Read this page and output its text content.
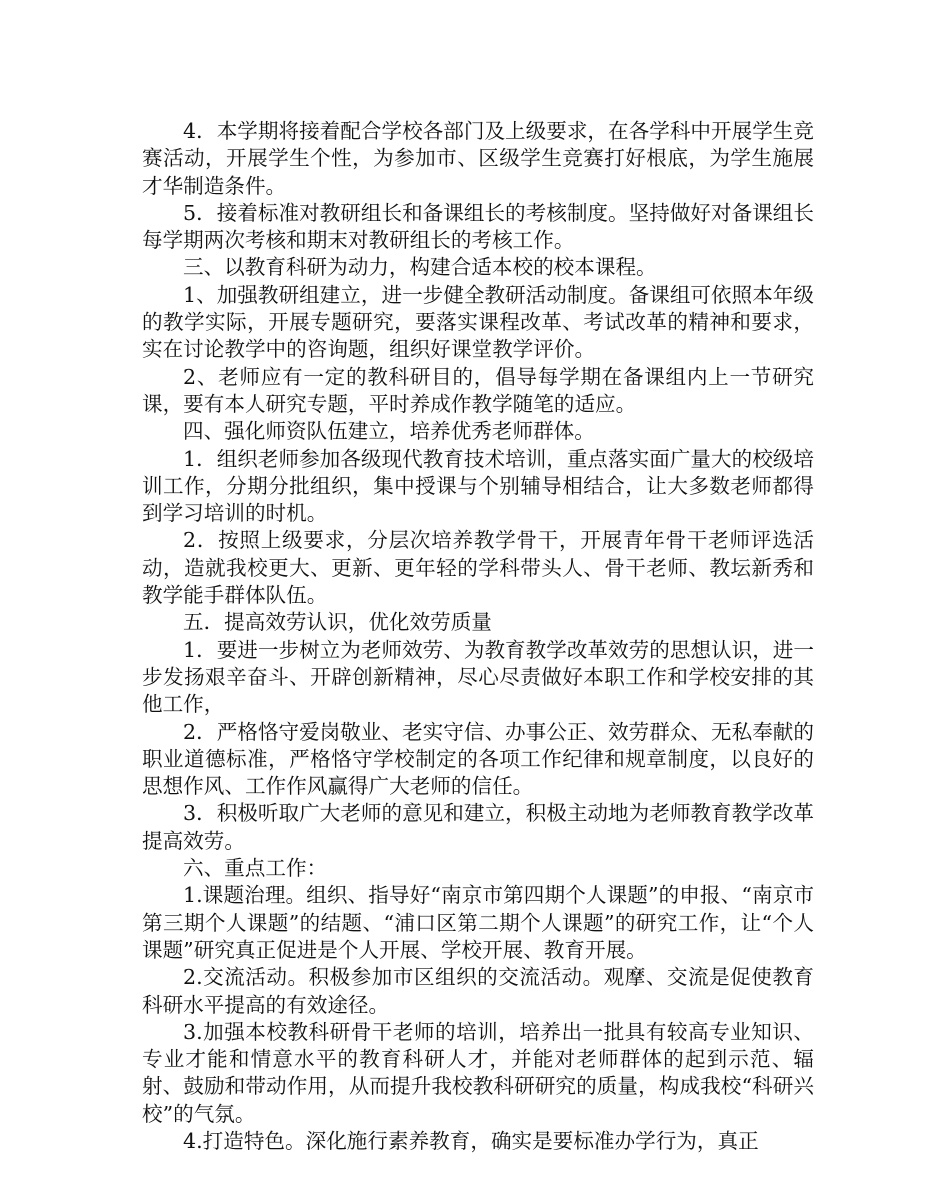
4．本学期将接着配合学校各部门及上级要求，在各学科中开展学生竞赛活动，开展学生个性，为参加市、区级学生竞赛打好根底，为学生施展才华制造条件。

5．接着标准对教研组长和备课组长的考核制度。坚持做好对备课组长每学期两次考核和期末对教研组长的考核工作。

三、以教育科研为动力，构建合适本校的校本课程。

1、加强教研组建立，进一步健全教研活动制度。备课组可依照本年级的教学实际，开展专题研究，要落实课程改革、考试改革的精神和要求，实在讨论教学中的咨询题，组织好课堂教学评价。

2、老师应有一定的教科研目的，倡导每学期在备课组内上一节研究课，要有本人研究专题，平时养成作教学随笔的适应。

四、强化师资队伍建立，培养优秀老师群体。

1．组织老师参加各级现代教育技术培训，重点落实面广量大的校级培训工作，分期分批组织，集中授课与个别辅导相结合，让大多数老师都得到学习培训的时机。

2．按照上级要求，分层次培养教学骨干，开展青年骨干老师评选活动，造就我校更大、更新、更年轻的学科带头人、骨干老师、教坛新秀和教学能手群体队伍。

五．提高效劳认识，优化效劳质量

1．要进一步树立为老师效劳、为教育教学改革效劳的思想认识，进一步发扬艰辛奋斗、开辟创新精神，尽心尽责做好本职工作和学校安排的其他工作，

2．严格恪守爱岗敬业、老实守信、办事公正、效劳群众、无私奉献的职业道德标准，严格恪守学校制定的各项工作纪律和规章制度，以良好的思想作风、工作作风赢得广大老师的信任。

3．积极听取广大老师的意见和建立，积极主动地为老师教育教学改革提高效劳。

六、重点工作：

1.课题治理。组织、指导好“南京市第四期个人课题”的申报、“南京市第三期个人课题”的结题、“浦口区第二期个人课题”的研究工作，让“个人课题”研究真正促进是个人开展、学校开展、教育开展。

2.交流活动。积极参加市区组织的交流活动。观摩、交流是促使教育科研水平提高的有效途径。

3.加强本校教科研骨干老师的培训，培养出一批具有较高专业知识、专业才能和情意水平的教育科研人才，并能对老师群体的起到示范、辐射、鼓励和带动作用，从而提升我校教科研研究的质量，构成我校“科研兴校”的气氛。

4.打造特色。深化施行素养教育，确实是要标准办学行为，真正
